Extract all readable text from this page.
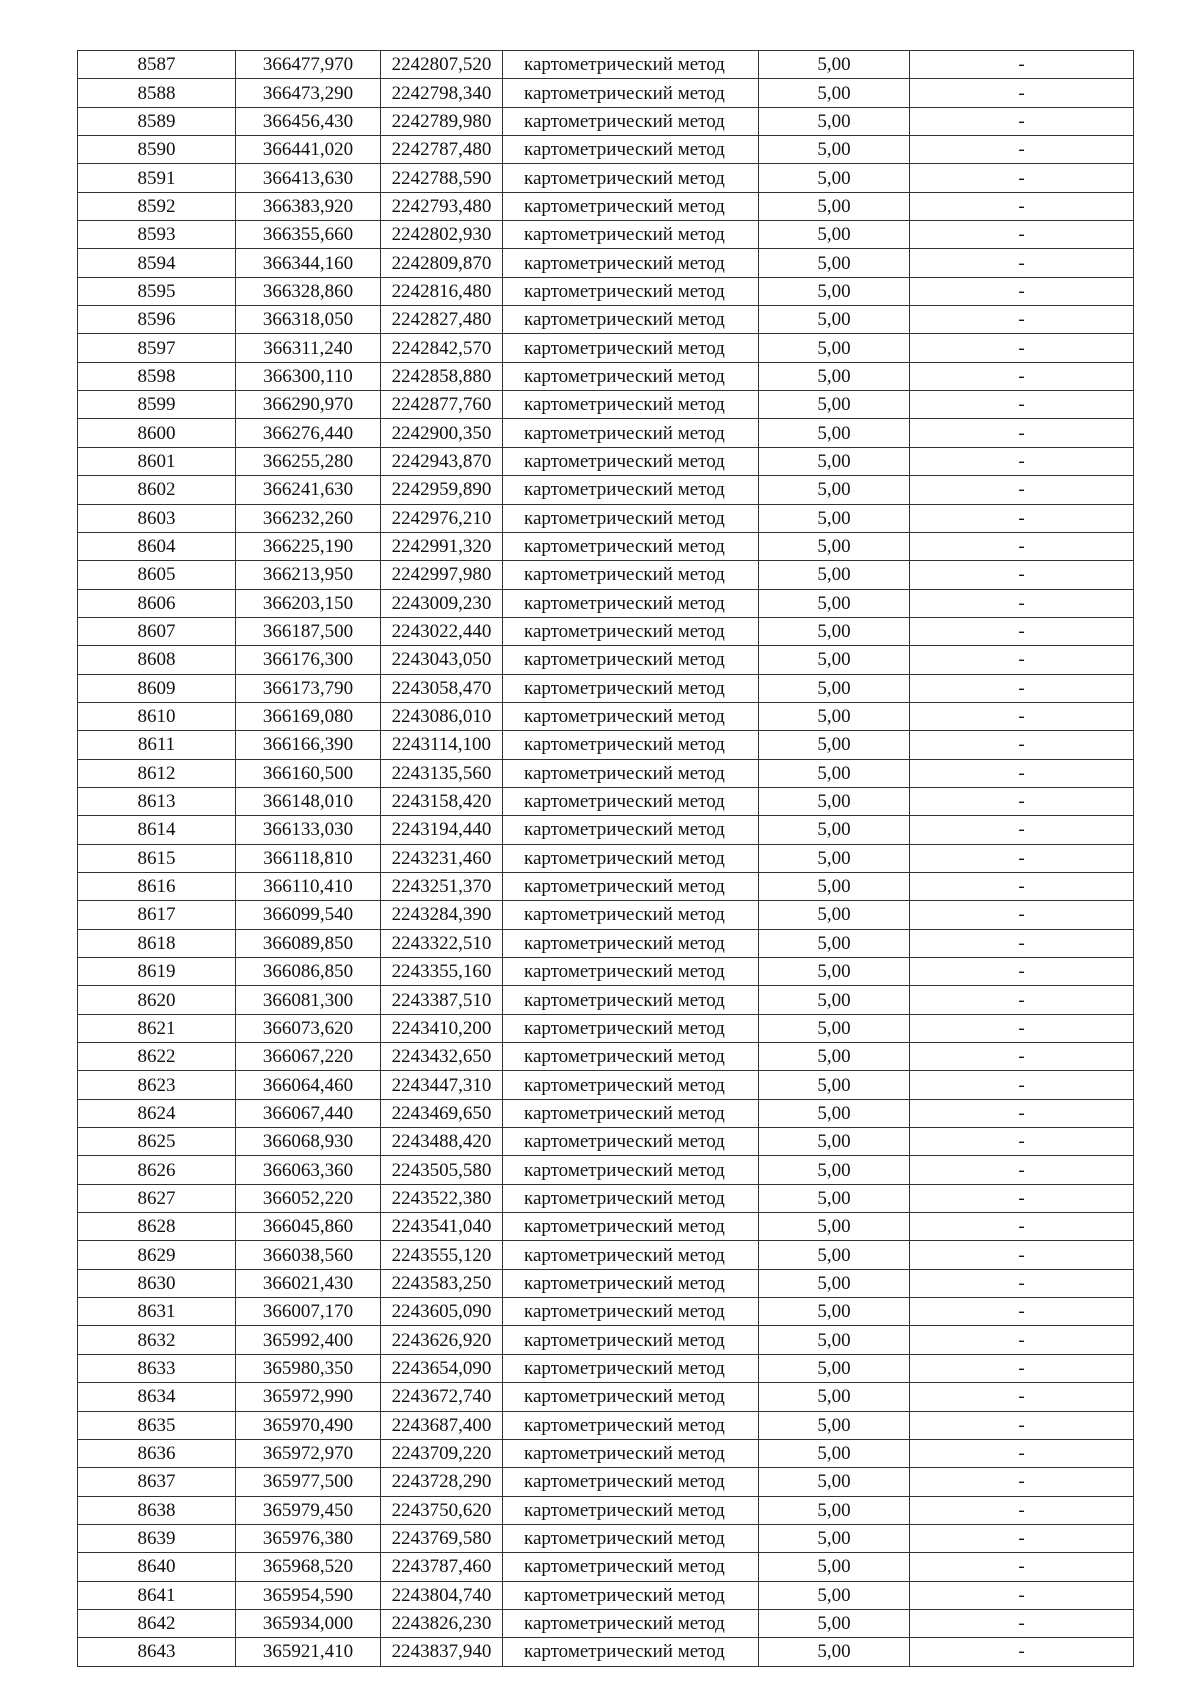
8587	366477,970	2242807,520	картометрический метод	5,00	-
8588	366473,290	2242798,340	картометрический метод	5,00	-
8589	366456,430	2242789,980	картометрический метод	5,00	-
8590	366441,020	2242787,480	картометрический метод	5,00	-
8591	366413,630	2242788,590	картометрический метод	5,00	-
8592	366383,920	2242793,480	картометрический метод	5,00	-
8593	366355,660	2242802,930	картометрический метод	5,00	-
8594	366344,160	2242809,870	картометрический метод	5,00	-
8595	366328,860	2242816,480	картометрический метод	5,00	-
8596	366318,050	2242827,480	картометрический метод	5,00	-
8597	366311,240	2242842,570	картометрический метод	5,00	-
8598	366300,110	2242858,880	картометрический метод	5,00	-
8599	366290,970	2242877,760	картометрический метод	5,00	-
8600	366276,440	2242900,350	картометрический метод	5,00	-
8601	366255,280	2242943,870	картометрический метод	5,00	-
8602	366241,630	2242959,890	картометрический метод	5,00	-
8603	366232,260	2242976,210	картометрический метод	5,00	-
8604	366225,190	2242991,320	картометрический метод	5,00	-
8605	366213,950	2242997,980	картометрический метод	5,00	-
8606	366203,150	2243009,230	картометрический метод	5,00	-
8607	366187,500	2243022,440	картометрический метод	5,00	-
8608	366176,300	2243043,050	картометрический метод	5,00	-
8609	366173,790	2243058,470	картометрический метод	5,00	-
8610	366169,080	2243086,010	картометрический метод	5,00	-
8611	366166,390	2243114,100	картометрический метод	5,00	-
8612	366160,500	2243135,560	картометрический метод	5,00	-
8613	366148,010	2243158,420	картометрический метод	5,00	-
8614	366133,030	2243194,440	картометрический метод	5,00	-
8615	366118,810	2243231,460	картометрический метод	5,00	-
8616	366110,410	2243251,370	картометрический метод	5,00	-
8617	366099,540	2243284,390	картометрический метод	5,00	-
8618	366089,850	2243322,510	картометрический метод	5,00	-
8619	366086,850	2243355,160	картометрический метод	5,00	-
8620	366081,300	2243387,510	картометрический метод	5,00	-
8621	366073,620	2243410,200	картометрический метод	5,00	-
8622	366067,220	2243432,650	картометрический метод	5,00	-
8623	366064,460	2243447,310	картометрический метод	5,00	-
8624	366067,440	2243469,650	картометрический метод	5,00	-
8625	366068,930	2243488,420	картометрический метод	5,00	-
8626	366063,360	2243505,580	картометрический метод	5,00	-
8627	366052,220	2243522,380	картометрический метод	5,00	-
8628	366045,860	2243541,040	картометрический метод	5,00	-
8629	366038,560	2243555,120	картометрический метод	5,00	-
8630	366021,430	2243583,250	картометрический метод	5,00	-
8631	366007,170	2243605,090	картометрический метод	5,00	-
8632	365992,400	2243626,920	картометрический метод	5,00	-
8633	365980,350	2243654,090	картометрический метод	5,00	-
8634	365972,990	2243672,740	картометрический метод	5,00	-
8635	365970,490	2243687,400	картометрический метод	5,00	-
8636	365972,970	2243709,220	картометрический метод	5,00	-
8637	365977,500	2243728,290	картометрический метод	5,00	-
8638	365979,450	2243750,620	картометрический метод	5,00	-
8639	365976,380	2243769,580	картометрический метод	5,00	-
8640	365968,520	2243787,460	картометрический метод	5,00	-
8641	365954,590	2243804,740	картометрический метод	5,00	-
8642	365934,000	2243826,230	картометрический метод	5,00	-
8643	365921,410	2243837,940	картометрический метод	5,00	-
